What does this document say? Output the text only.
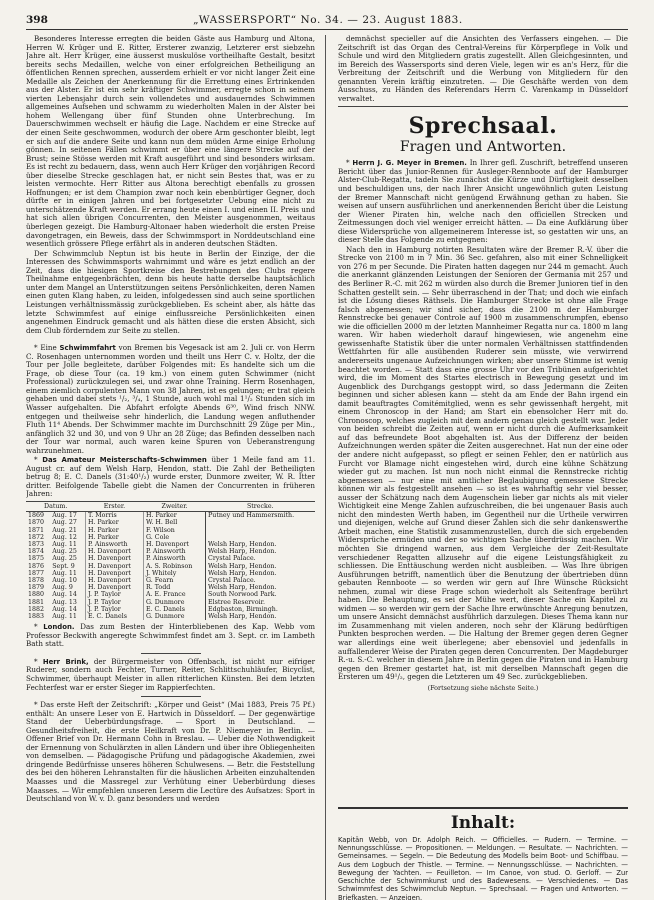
398	„WASSERSPORT“ No. 34. — 23. August 1883.

Besonderes Interesse erregten die beiden Gäste aus Hamburg und Altona, Herren W. Krüger und E. Ritter, Ersterer zwanzig, Letzterer erst siebzehn Jahre alt. Herr Krüger, eine äusserst muskulöse vortheilhafte Gestalt, besitzt bereits sechs Medaillen, welche von einer erfolgreichen Betheiligung an öffentlichen Rennen sprechen, ausserdem erhielt er vor nicht langer Zeit eine Medaille als Zeichen der Anerkennung für die Errettung eines Ertrinkenden aus der Alster. Er ist ein sehr kräftiger Schwimmer, erregte schon in seinem vierten Lebensjahr durch sein vollendetes und ausdauerndes Schwimmen allgemeines Aufsehen und schwamm zu wiederholten Malen in der Alster bei hohem Wellengang über fünf Stunden ohne Unterbrechung. Im Dauerschwimmen wechselt er häufig die Lage. Nachdem er eine Strecke auf der einen Seite geschwommen, wodurch der obere Arm geschonter bleibt, legt er sich auf die andere Seite und kann nun dem müden Arme einige Erholung gönnen. In seitenen Fällen schwimmt er über eine längere Strecke auf der Brust; seine Stösse werden mit Kraft ausgeführt und sind besonders wirksam. Es ist recht zu bedauern, dass, wenn auch Herr Krüger den vorjährigen Record über dieselbe Strecke geschlagen hat, er nicht sein Bestes that, was er zu leisten vermochte. Herr Ritter aus Altona berechtigt ebenfalls zu grossen Hoffnungen; er ist dem Champion zwar noch kein ebenbürtiger Gegner, doch dürfte er in einigen Jahren und bei fortgesetzter Uebung eine nicht zu unterschätzende Kraft werden. Er errang heute einen I. und einen II. Preis und hat sich allen übrigen Concurrenten, den Meister ausgenommen, weitaus überlegen gezeigt. Die Hamburg-Altonaer haben wiederholt die ersten Preise davongetragen, ein Beweis, dass der Schwimmsport in Norddeutschland eine wesentlich grössere Pflege erfährt als in anderen deutschen Städten.

Der Schwimmclub Neptun ist bis heute in Berlin der Einzige, der die Interessen des Schwimmsports wahrnimmt und wäre es jetzt endlich an der Zeit, dass die hiesigen Sportkreise den Bestrebungen des Clubs regere Theilnahme entgegenbrächten, denn bis heute hatte derselbe hauptsächlich unter dem Mangel an Unterstützungen seitens Persönlichkeiten, deren Namen einen guten Klang haben, zu leiden, infolgedessen sind auch seine sportlichen Leistungen verhältnissmässig zurückgeblieben. Es scheint aber, als hätte das letzte Schwimmfest auf einige einflussreiche Persönlichkeiten einen angenehmen Eindruck gemacht und als hätten diese die ersten Absicht, sich dem Club förderndem zur Seite zu stellen.

* Eine Schwimmfahrt von Bremen bis Vegesack ist am 2. Juli cr. von Herrn C. Rosenhagen unternommen worden und theilt uns Herr C. v. Holtz, der die Tour per Jolle begleitete, darüber Folgendes mit: Es handelte sich um die Frage, ob diese Tour (ca. 19 km.) von einem guten Schwimmer (nicht Professional) zurückzulegen sei, und zwar ohne Training. Herrn Rosenhagen, einem ziemlich corpulenten Mann von 38 Jahren, ist es gelungen; er trat gleich gehaben und dabei stets ¹/₂, ³/₄, 1 Stunde, auch wohl mal 1¹/₂ Stunden sich im Wasser aufgehalten. Die Abfahrt erfolgte Abends 6³⁰, Wind frisch NNW. entgegen und theilweise sehr hinderlich, die Landung wegen anfluthender Fluth 11⁴ Abends. Der Schwimmer machte im Durchschnitt 29 Züge per Min., anfänglich 32 und 30, und von 9 Uhr an 28 Züge; das Befinden desselben nach der Tour war normal, auch waren keine Spuren von Ueberanstrengung wahrzunehmen.

* Das Amateur Meisterschafts-Schwimmen über 1 Meile fand am 11. August cr. auf dem Welsh Harp, Hendon, statt. Die Zahl der Betheiligten betrug 8; E. C. Danels (31:40¹/₂) wurde erster, Dunmore zweiter, W. R. Itter dritter. Beifolgende Tabelle giebt die Namen der Concurrenten in früheren Jahren:

Datum.		Erster.	Zweiter.	Strecke.
1869	Aug. 17	T. Morris	H. Parker	Putney und Hammersmith.
1870	Aug. 27	H. Parker	W. H. Bell	
1871	Aug. 21	H. Parker	F. Wilson	
1872	Aug. 12	H. Parker	G. Cole	
1873	Aug. 11	P. Ainsworth	H. Davenport	Welsh Harp, Hendon.
1874	Aug. 25	H. Davenport	P. Ainsworth	Welsh Harp, Hendon.
1875	Aug. 25	H. Davenport	P. Ainsworth	Crystal Palace.
1876	Sept. 9	H. Davenport	A. S. Robinson	Welsh Harp, Hendon.
1877	Aug. 11	H. Davenport	J. Whitely	Welsh Harp, Hendon.
1878	Aug. 10	H. Davenport	G. Fearn	Crystal Palace.
1879	Aug. 9	H. Davenport	R. Todd	Welsh Harp, Hendon.
1880	Aug. 14	J. P. Taylor	A. E. France	South Norwood Park.
1881	Aug. 13	J. P. Taylor	G. Dunmore	Elstree Reservoir.
1882	Aug. 14	J. P. Taylor	E. C. Danels	Edgbaston, Birmingh.
1883	Aug. 11	E. C. Danels	G. Dunmore	Welsh Harp, Hendon.

* London. Das zum Besten der Hinterbliebenen des Kap. Webb vom Professor Beckwith angeregte Schwimmfest findet am 3. Sept. cr. im Lambeth Bath statt.

* Herr Brink, der Bürgermeister von Offenbach, ist nicht nur eifriger Ruderer, sondern auch Fechter, Turner, Reiter, Schlittschuhläufer, Bicyclist, Schwimmer, überhaupt Meister in allen ritterlichen Künsten. Bei dem letzten Fechterfest war er erster Sieger im Rappierfechten.

* Das erste Heft der Zeitschrift: „Körper und Geist“ (Mai 1883, Preis 75 Pf.) enthält: An unsere Leser von E. Hartwich in Düsseldorf. — Der gegenwärtige Stand der Ueberbürdungsfrage. — Sport in Deutschland. — Gesundheitsfreiheit, die erste Heilkraft von Dr. P. Niemeyer in Berlin. — Offener Brief von Dr. Hermann Cohn in Breslau. — Ueber die Nothwendigkeit der Ernennung von Schulärzten in allen Ländern und über ihre Obliegenheiten von demselben. — Pädagogische Prüfung und pädagogische Akademien, zwei dringende Bedürfnisse unseres höheren Schulwesens. — Betr. die Feststellung des bei den höheren Lehranstalten für die häuslichen Arbeiten einzuhaltenden Maasses und die Massregel zur Verhütung einer Ueberbürdung dieses Maasses. — Wir empfehlen unseren Lesern die Lectüre des Aufsatzes: Sport in Deutschland von W. v. D. ganz besonders und werden

demnächst specieller auf die Ansichten des Verfassers eingehen. — Die Zeitschrift ist das Organ des Central-Vereins für Körperpflege in Volk und Schule und wird den Mitgliedern gratis zugestellt. Allen Gleichgesinnten, und im Bereich des Wassersports sind deren Viele, legen wir es an's Herz, für die Verbreitung der Zeitschrift und die Werbung von Mitgliedern für den genannten Verein kräftig einzutreten. — Die Geschäfte werden von dem Ausschuss, zu Händen des Referendars Herrn C. Varenkamp in Düsseldorf verwaltet.

Sprechsaal.
Fragen und Antworten.

* Herrn J. G. Meyer in Bremen. In Ihrer gefl. Zuschrift, betreffend unseren Bericht über das Junior-Rennen für Ausleger-Rennboote auf der Hamburger Alster-Club-Regatta, tadeln Sie zunächst die Kürze und Dürftigkeit desselben und beschuldigen uns, der nach Ihrer Ansicht ungewöhnlich guten Leistung der Bremer Mannschaft nicht genügend Erwähnung gethan zu haben. Sie weisen auf unsern ausführlichen und anerkennenden Bericht über die Leistung der Wiener Piraten hin, welche nach den officiellen Strecken und Zeitmessungen doch viel weniger erreicht hätten. — Da eine Aufklärung über diese Widersprüche von allgemeinerem Interesse ist, so gestatten wir uns, an dieser Stelle das Folgende zu entgegnen:

Nach den in Hamburg notirten Resultaten wäre der Bremer R.-V. über die Strecke von 2100 m in 7 Min. 36 Sec. gefahren, also mit einer Schnelligkeit von 276 m per Secunde. Die Piraten hatten dagegen nur 244 m gemacht. Auch die anerkannt glänzenden Leistungen der Senioren der Germania mit 257 und des Berliner R.-C. mit 262 m würden also durch die Bremer Junioren tief in den Schatten gestellt sein. — Sehr überraschend in der That; und doch wie einfach ist die Lösung dieses Räthsels. Die Hamburger Strecke ist ohne alle Frage falsch abgemessen; wir sind sicher, dass die 2100 m der Hamburger Rennstrecke bei genauer Controle auf 1900 m zusammenschrumpfen, ebenso wie die officiellen 2000 m der letzten Mannheimer Regatta nur ca. 1800 m lang waren. Wir haben wiederholt darauf hingewiesen, wie angenehm eine gewissenhafte Statistik über die unter normalen Verhältnissen stattfindenden Wettfahrten für alle ausübenden Ruderer sein müsste, wie verwirrend andererseits ungenaue Aufzeichnungen wirken; aber unsere Stimme ist wenig beachtet worden. — Statt dass eine grosse Uhr vor den Tribünen aufgerichtet wird, die im Moment des Startes electrisch in Bewegung gesetzt und im Augenblick des Durchgangs gestoppt wird, so dass Jedermann die Zeiten beginnen und sicher ablesen kann — steht da am Ende der Bahn irgend ein damit beauftragtes Comitémitglied, wenn es sehr gewissenhaft hergeht, mit einem Chronoscop in der Hand; am Start ein ebensolcher Herr mit do. Chronoscop, welches zugleich mit dem andern genau gleich gestellt war. Jeder von beiden schreibt die Zeiten auf, wenn er nicht durch die Aufmerksamkeit auf das befreundete Boot abgehalten ist. Aus der Differenz der beiden Aufzeichnungen werden später die Zeiten ausgerechnet. Hat nun der eine oder der andere nicht aufgepasst, so pflegt er seinen Fehler, den er natürlich aus Furcht vor Blamage nicht eingestehen wird, durch eine kühne Schätzung wieder gut zu machen. Ist nun noch nicht einmal die Rennstrecke richtig abgemessen — nur eine mit amtlicher Beglaubigung gemessene Strecke können wir als festgestellt ansehen — so ist es wahrhaftig sehr viel besser, ausser der Schätzung nach dem Augenschein lieber gar nichts als mit vieler Wichtigkeit eine Menge Zahlen aufzuschreiben, die bei ungenauer Basis auch nicht den mindesten Werth haben, im Gegentheil nur die Urtheile verwirren und diejenigen, welche auf Grund dieser Zahlen sich die sehr dankenswerthe Arbeit machen, eine Statistik zusammenzustellen, durch die sich ergebenden Widersprüche ermüden und der so wichtigen Sache überdrüssig machen. Wir möchten Sie dringend warnen, aus dem Vergleiche der Zeit-Resultate verschiedener Regatten allzusehr auf die eigene Leistungsfähigkeit zu schliessen. Die Enttäuschung werden nicht ausbleiben. — Was Ihre übrigen Ausführungen betrifft, namentlich über die Benutzung der übertrieben dünn gebauten Rennboote — so werden wir gern auf Ihre Wünsche Rücksicht nehmen, zumal wir diese Frage schon wiederholt als Seitenfrage berührt haben. Die Behauptung, es sei der Mühe wert, dieser Sache ein Kapitel zu widmen — so werden wir gern der Sache Ihre erwünschte Anregung benutzen, um unsere Ansicht demnächst ausführlich darzulegen. Dieses Thema kann nur im Zusammenhang mit vielen anderen, noch sehr der Klärung bedürftigen Punkten besprochen werden. — Die Haltung der Bremer gegen deren Gegner war allerdings eine weit überlegene; aber ebensoviel und jedenfalls in auffallenderer Weise der Piraten gegen deren Concurrenten. Der Magdeburger R.-u. S.-C. welcher in diesem Jahre in Berlin gegen die Piraten und in Hamburg gegen den Bremer gestartet hat, ist mit derselben Mannschaft gegen die Ersteren um 49¹/₂, gegen die Letzteren um 49 Sec. zurückgeblieben.

(Fortsetzung siehe nächste Seite.)
Inhalt:

Kapitän Webb, von Dr. Adolph Reich. — Officielles. — Rudern. — Termine. — Nennungsschlüsse. — Propositionen. — Meldungen. — Resultate. — Nachrichten. — Gemeinsames. — Segeln. — Die Bedeutung des Modells beim Boot- und Schiffbau. — Aus dem Logbuch der Thistle. — Termine. — Nennungsschlüsse. — Nachrichten. — Bewegung der Yachten. — Feuilleton. — Im Canoe, von stud. O. Gerloff. — Zur Geschichte der Schwimmkunst und des Badewesens. — Verschiedenes. — Das Schwimmfest des Schwimmclub Neptun. — Sprechsaal. — Fragen und Antworten. — Briefkasten. — Anzeigen.
